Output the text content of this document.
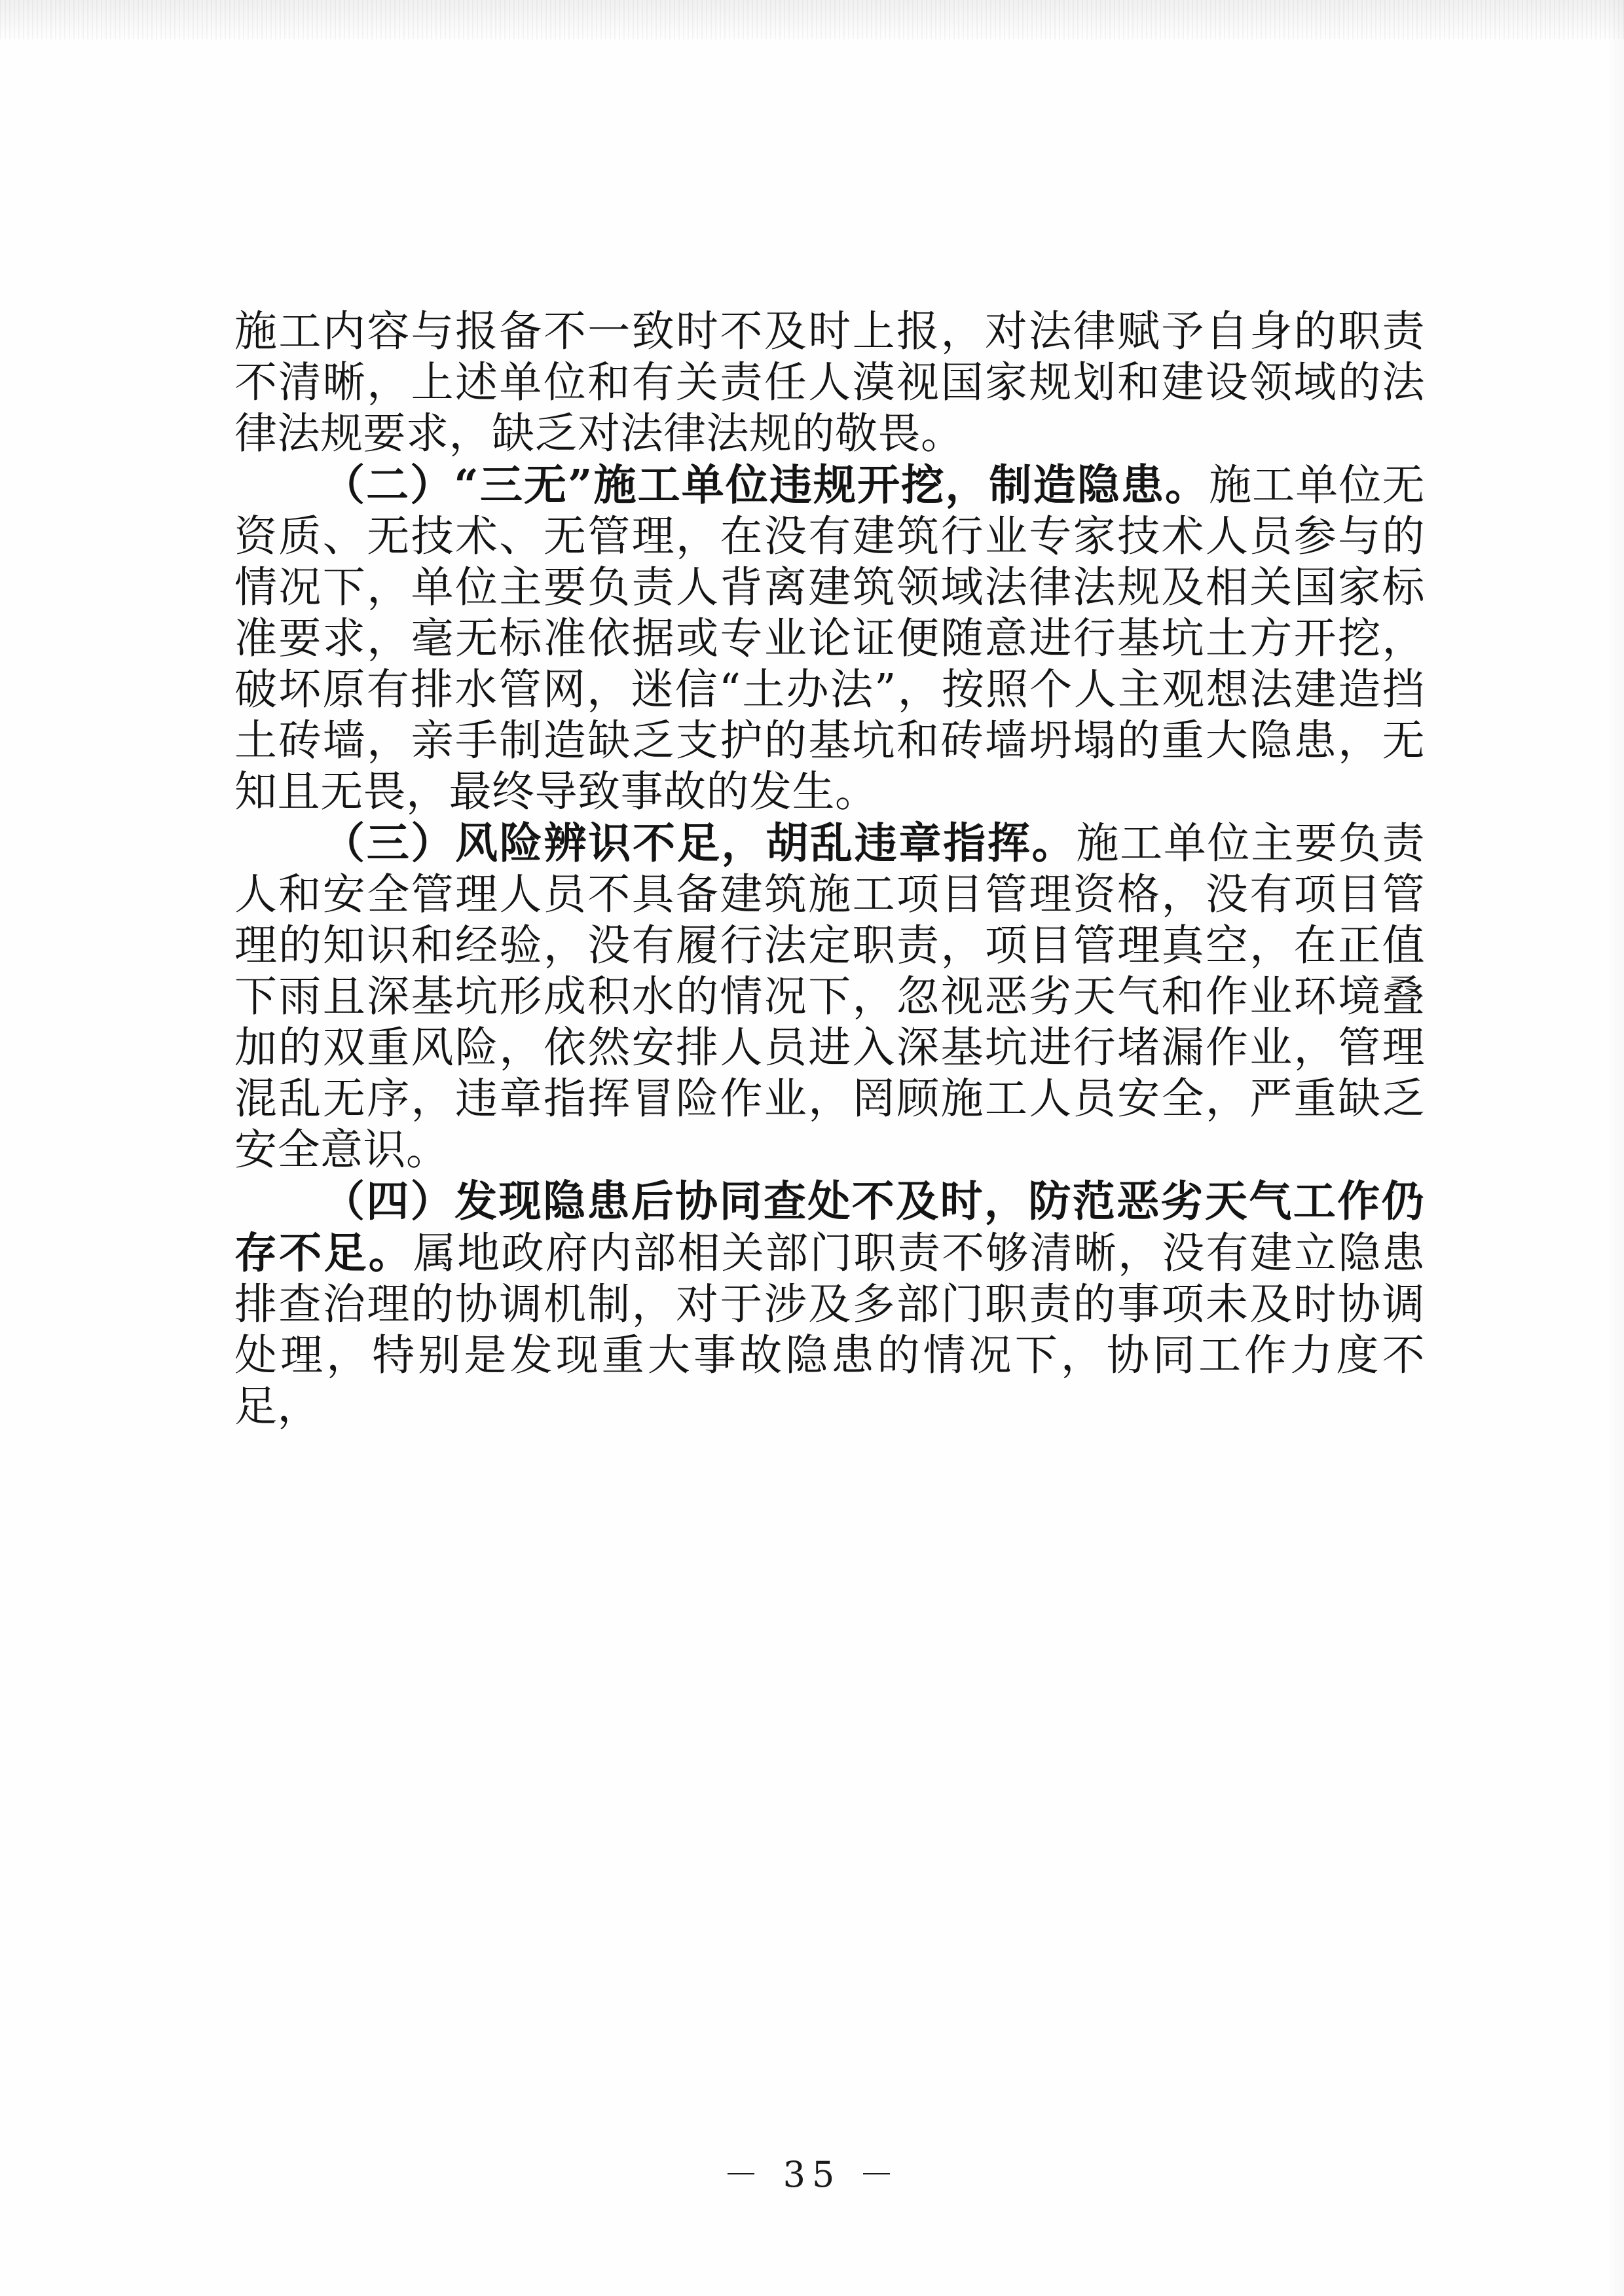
施工内容与报备不一致时不及时上报，对法律赋予自身的职责不清晰，上述单位和有关责任人漠视国家规划和建设领域的法律法规要求，缺乏对法律法规的敬畏。

（二）“三无”施工单位违规开挖，制造隐患。施工单位无资质、无技术、无管理，在没有建筑行业专家技术人员参与的情况下，单位主要负责人背离建筑领域法律法规及相关国家标准要求，毫无标准依据或专业论证便随意进行基坑土方开挖，破坏原有排水管网，迷信“土办法”，按照个人主观想法建造挡土砖墙，亲手制造缺乏支护的基坑和砖墙坍塌的重大隐患，无知且无畏，最终导致事故的发生。

（三）风险辨识不足，胡乱违章指挥。施工单位主要负责人和安全管理人员不具备建筑施工项目管理资格，没有项目管理的知识和经验，没有履行法定职责，项目管理真空，在正值下雨且深基坑形成积水的情况下，忽视恶劣天气和作业环境叠加的双重风险，依然安排人员进入深基坑进行堵漏作业，管理混乱无序，违章指挥冒险作业，罔顾施工人员安全，严重缺乏安全意识。

（四）发现隐患后协同查处不及时，防范恶劣天气工作仍存不足。属地政府内部相关部门职责不够清晰，没有建立隐患排查治理的协调机制，对于涉及多部门职责的事项未及时协调处理，特别是发现重大事故隐患的情况下，协同工作力度不足，

－ 35 －
